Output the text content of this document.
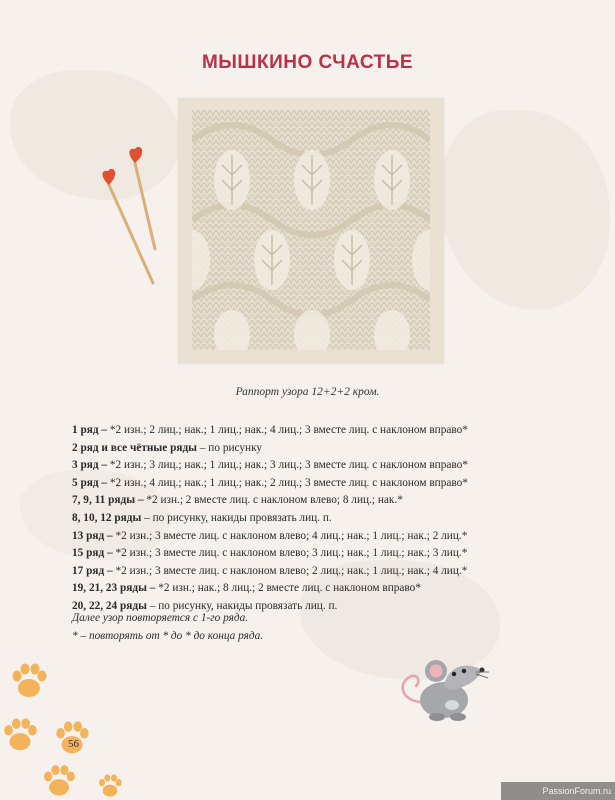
МЫШКИНО СЧАСТЬЕ
Раппорт узора 12+2+2 кром.
1 ряд – *2 изн.; 2 лиц.; нак.; 1 лиц.; нак.; 4 лиц.; 3 вместе лиц. с наклоном вправо*
2 ряд и все чётные ряды – по рисунку
3 ряд – *2 изн.; 3 лиц.; нак.; 1 лиц.; нак.; 3 лиц.; 3 вместе лиц. с наклоном вправо*
5 ряд – *2 изн.; 4 лиц.; нак.; 1 лиц.; нак.; 2 лиц.; 3 вместе лиц. с наклоном вправо*
7, 9, 11 ряды – *2 изн.; 2 вместе лиц. с наклоном влево; 8 лиц.; нак.*
8, 10, 12 ряды – по рисунку, накиды провязать лиц. п.
13 ряд – *2 изн.; 3 вместе лиц. с наклоном влево; 4 лиц.; нак.; 1 лиц.; нак.; 2 лиц.*
15 ряд – *2 изн.; 3 вместе лиц. с наклоном влево; 3 лиц.; нак.; 1 лиц.; нак.; 3 лиц.*
17 ряд – *2 изн.; 3 вместе лиц. с наклоном влево; 2 лиц.; нак.; 1 лиц.; нак.; 4 лиц.*
19, 21, 23 ряды – *2 изн.; нак.; 8 лиц.; 2 вместе лиц. с наклоном вправо*
20, 22, 24 ряды – по рисунку, накиды провязать лиц. п.
Далее узор повторяется с 1-го ряда.
* – повторять от * до * до конца ряда.
56
PassionForum.ru
